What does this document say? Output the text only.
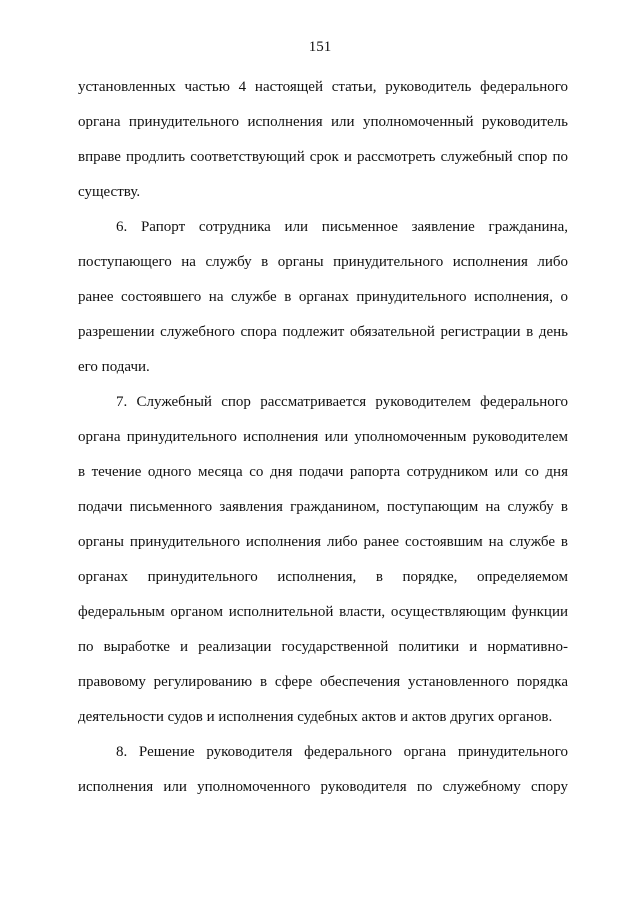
151

установленных частью 4 настоящей статьи, руководитель федерального
органа принудительного исполнения или уполномоченный руководитель
вправе продлить соответствующий срок и рассмотреть служебный спор по
существу.

6. Рапорт сотрудника или письменное заявление гражданина,
поступающего на службу в органы принудительного исполнения либо
ранее состоявшего на службе в органах принудительного исполнения, о
разрешении служебного спора подлежит обязательной регистрации в день
его подачи.

7. Служебный спор рассматривается руководителем федерального
органа принудительного исполнения или уполномоченным руководителем
в течение одного месяца со дня подачи рапорта сотрудником или со дня
подачи письменного заявления гражданином, поступающим на службу в
органы принудительного исполнения либо ранее состоявшим на службе в
органах принудительного исполнения, в порядке, определяемом
федеральным органом исполнительной власти, осуществляющим функции
по выработке и реализации государственной политики и нормативно-
правовому регулированию в сфере обеспечения установленного порядка
деятельности судов и исполнения судебных актов и актов других органов.

8. Решение руководителя федерального органа принудительного
исполнения или уполномоченного руководителя по служебному спору
